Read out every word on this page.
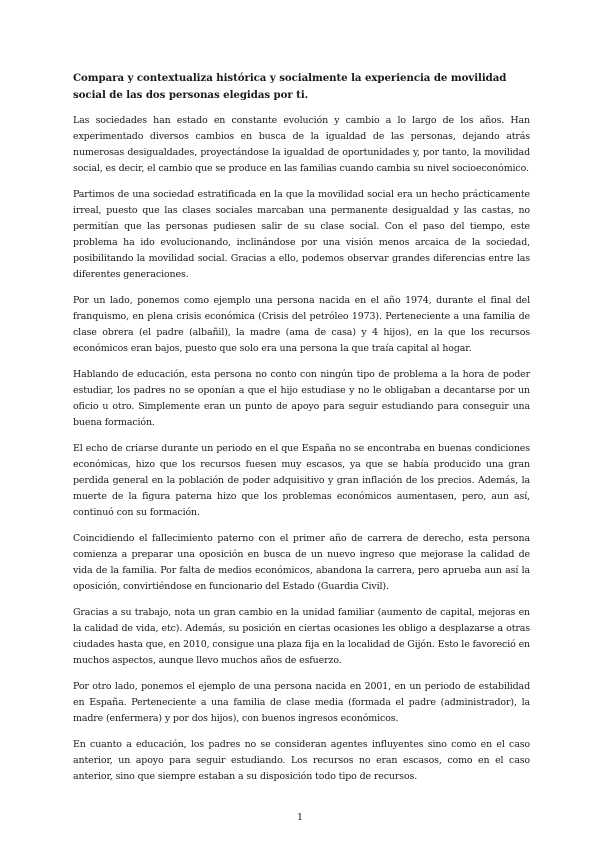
Compara y contextualiza histórica y socialmente la experiencia de movilidad social de las dos personas elegidas por ti.

Las sociedades han estado en constante evolución y cambio a lo largo de los años. Han experimentado diversos cambios en busca de la igualdad de las personas, dejando atrás numerosas desigualdades, proyectándose la igualdad de oportunidades y, por tanto, la movilidad social, es decir, el cambio que se produce en las familias cuando cambia su nivel socioeconómico.

Partimos de una sociedad estratificada en la que la movilidad social era un hecho prácticamente irreal, puesto que las clases sociales marcaban una permanente desigualdad y las castas, no permitían que las personas pudiesen salir de su clase social. Con el paso del tiempo, este problema ha ido evolucionando, inclinándose por una visión menos arcaica de la sociedad, posibilitando la movilidad social. Gracias a ello, podemos observar grandes diferencias entre las diferentes generaciones.

Por un lado, ponemos como ejemplo una persona nacida en el año 1974, durante el final del franquismo, en plena crisis económica (Crisis del petróleo 1973). Perteneciente a una familia de clase obrera (el padre (albañil), la madre (ama de casa) y 4 hijos), en la que los recursos económicos eran bajos, puesto que solo era una persona la que traía capital al hogar.

Hablando de educación, esta persona no conto con ningún tipo de problema a la hora de poder estudiar, los padres no se oponían a que el hijo estudiase y no le obligaban a decantarse por un oficio u otro. Simplemente eran un punto de apoyo para seguir estudiando para conseguir una buena formación.

El echo de criarse durante un periodo en el que España no se encontraba en buenas condiciones económicas, hizo que los recursos fuesen muy escasos, ya que se había producido una gran perdida general en la población de poder adquisitivo y gran inflación de los precios. Además, la muerte de la figura paterna hizo que los problemas económicos aumentasen, pero, aun así, continuó con su formación.

Coincidiendo el fallecimiento paterno con el primer año de carrera de derecho, esta persona comienza a preparar una oposición en busca de un nuevo ingreso que mejorase la calidad de vida de la familia. Por falta de medios económicos, abandona la carrera, pero aprueba aun así la oposición, convirtiéndose en funcionario del Estado (Guardia Civil).

Gracias a su trabajo, nota un gran cambio en la unidad familiar (aumento de capital, mejoras en la calidad de vida, etc). Además, su posición en ciertas ocasiones les obligo a desplazarse a otras ciudades hasta que, en 2010, consigue una plaza fija en la localidad de Gijón. Esto le favoreció en muchos aspectos, aunque llevo muchos años de esfuerzo.

Por otro lado, ponemos el ejemplo de una persona nacida en 2001, en un periodo de estabilidad en España. Perteneciente a una familia de clase media (formada el padre (administrador), la madre (enfermera) y por dos hijos), con buenos ingresos económicos.

En cuanto a educación, los padres no se consideran agentes influyentes sino como en el caso anterior, un apoyo para seguir estudiando. Los recursos no eran escasos, como en el caso anterior, sino que siempre estaban a su disposición todo tipo de recursos.

1
